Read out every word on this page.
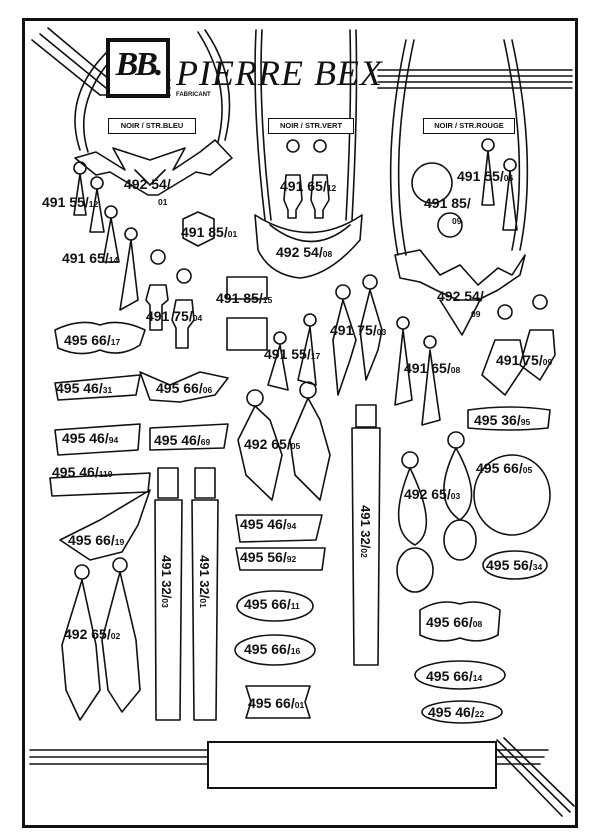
BB. PIERRE BEX
FABRICANT
NOIR / STR.BLEU	NOIR / STR.VERT	NOIR / STR.ROUGE
492 54/
01
491 55/12
491 65/14
491 85/01
491 65/12
492 54/08
491 55/06
491 85/
09
492 54/
09
491 85/15
491 75/04
495 66/17
491 55/17
491 75/03
491 65/08
491 75/09
495 46/31	495 66/06
495 46/94	495 46/69 492 65/05
495 36/95
495 46/119	495 66/05
492 65/03
495 46/94
495 66/19
495 56/92	495 56/34
495 66/11
492 65/02
495 66/08
495 66/16
495 66/14
495 66/01	495 46/22
491 32/03
491 32/01
491 32/02
